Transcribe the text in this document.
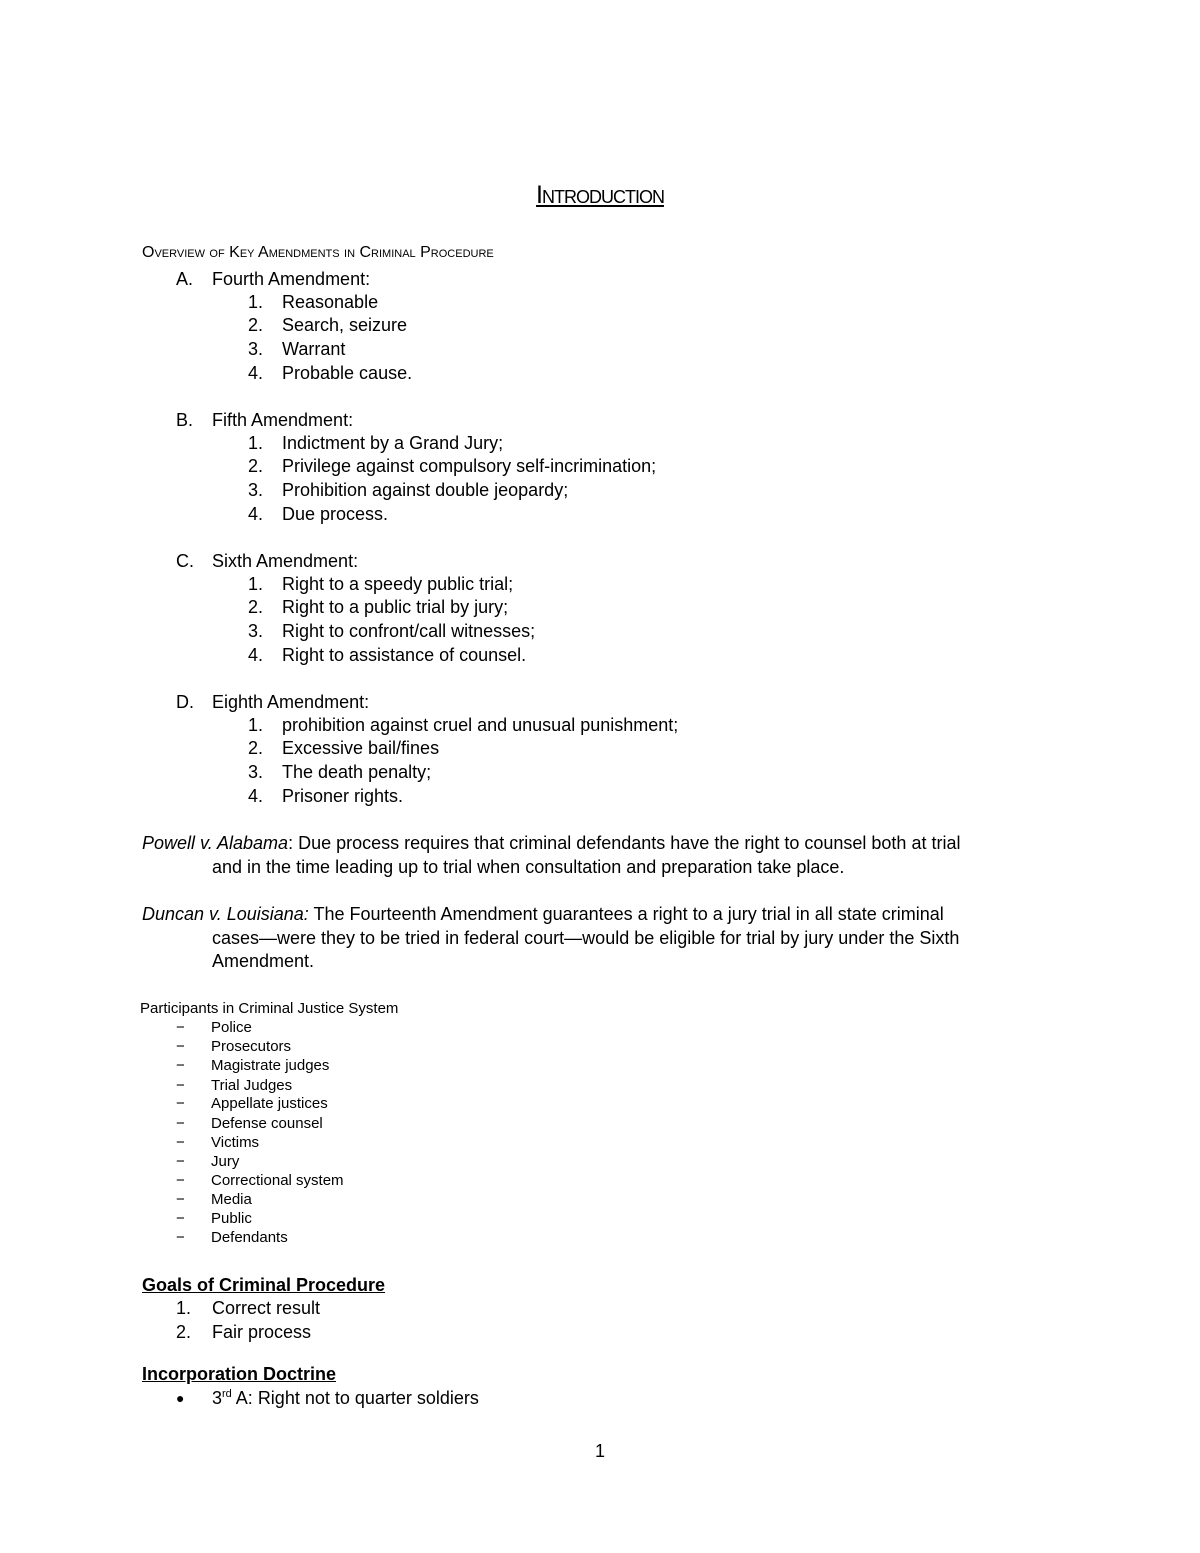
Introduction
Overview of Key Amendments in Criminal Procedure
A. Fourth Amendment:
1. Reasonable
2. Search, seizure
3. Warrant
4. Probable cause.
B. Fifth Amendment:
1. Indictment by a Grand Jury;
2. Privilege against compulsory self-incrimination;
3. Prohibition against double jeopardy;
4. Due process.
C. Sixth Amendment:
1. Right to a speedy public trial;
2. Right to a public trial by jury;
3. Right to confront/call witnesses;
4. Right to assistance of counsel.
D. Eighth Amendment:
1. prohibition against cruel and unusual punishment;
2. Excessive bail/fines
3. The death penalty;
4. Prisoner rights.
Powell v. Alabama: Due process requires that criminal defendants have the right to counsel both at trial
and in the time leading up to trial when consultation and preparation take place.
Duncan v. Louisiana: The Fourteenth Amendment guarantees a right to a jury trial in all state criminal
cases—were they to be tried in federal court—would be eligible for trial by jury under the Sixth
Amendment.
Participants in Criminal Justice System
− Police
− Prosecutors
− Magistrate judges
− Trial Judges
− Appellate justices
− Defense counsel
− Victims
− Jury
− Correctional system
− Media
− Public
− Defendants
Goals of Criminal Procedure
1. Correct result
2. Fair process
Incorporation Doctrine
● 3rd A: Right not to quarter soldiers
1
